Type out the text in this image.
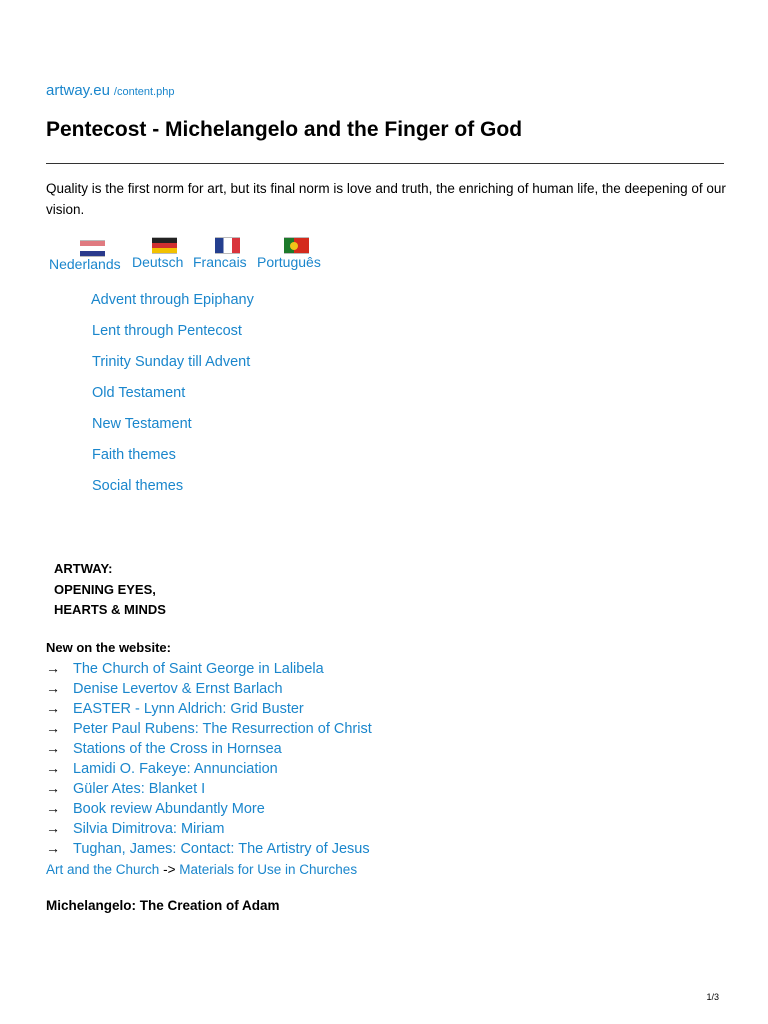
artway.eu /content.php
Pentecost - Michelangelo and the Finger of God
Quality is the first norm for art, but its final norm is love and truth, the enriching of human life, the deepening of our vision.
Nederlands Deutsch Francais Português
Advent through Epiphany
Lent through Pentecost
Trinity Sunday till Advent
Old Testament
New Testament
Faith themes
Social themes
ARTWAY:
OPENING EYES,
HEARTS & MINDS
New on the website:
→ The Church of Saint George in Lalibela
→ Denise Levertov & Ernst Barlach
→ EASTER - Lynn Aldrich: Grid Buster
→ Peter Paul Rubens: The Resurrection of Christ
→ Stations of the Cross in Hornsea
→ Lamidi O. Fakeye: Annunciation
→ Güler Ates: Blanket I
→ Book review Abundantly More
→ Silvia Dimitrova: Miriam
→ Tughan, James: Contact: The Artistry of Jesus
Art and the Church -> Materials for Use in Churches
Michelangelo: The Creation of Adam
1/3
